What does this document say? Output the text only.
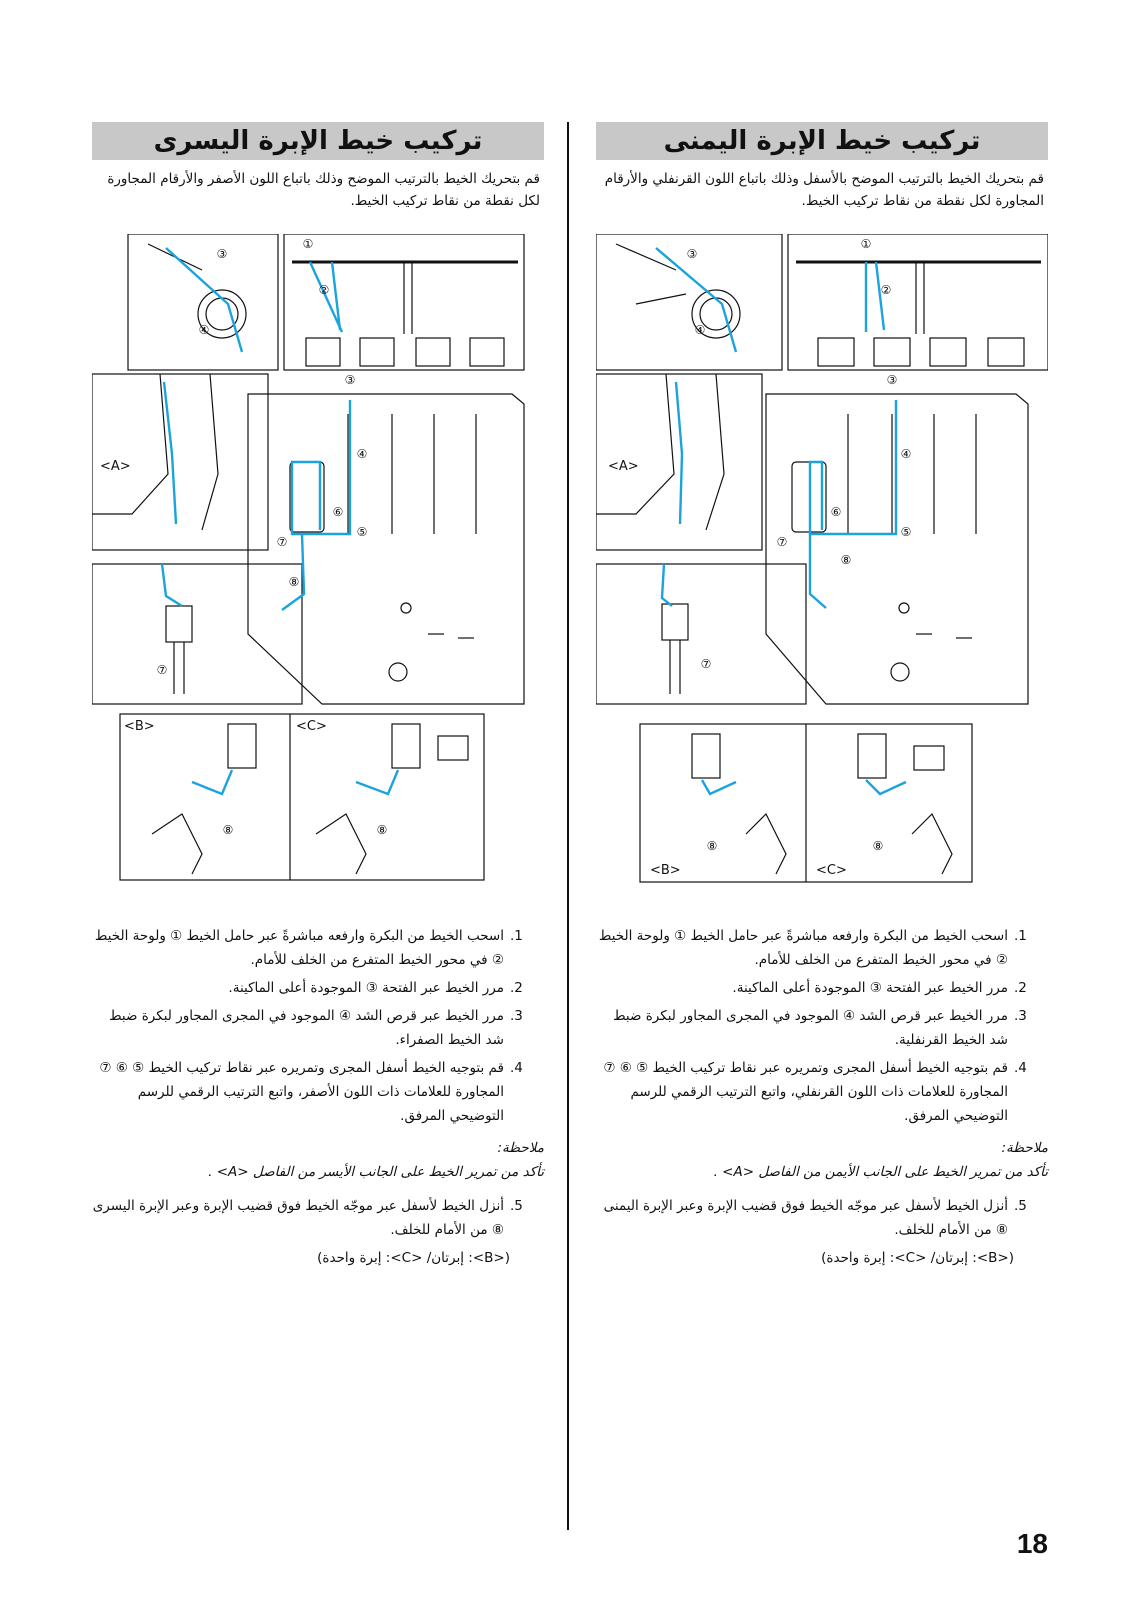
تركيب خيط الإبرة اليمنى
قم بتحريك الخيط بالترتيب الموضح بالأسفل وذلك باتباع اللون القرنفلي والأرقام المجاورة لكل نقطة من نقاط تركيب الخيط.
<A>
<B>	<C>
①
②
③
④
③
④
⑥
⑤
⑦
⑧
⑦
⑧	⑧
.1
اسحب الخيط من البكرة وارفعه مباشرةً عبر حامل الخيط ① ولوحة الخيط ② في محور الخيط المتفرع من الخلف للأمام.
.2
مرر الخيط عبر الفتحة ③ الموجودة أعلى الماكينة.
.3
مرر الخيط عبر قرص الشد ④ الموجود في المجرى المجاور لبكرة ضبط شد الخيط القرنفلية.
.4
قم بتوجيه الخيط أسفل المجرى وتمريره عبر نقاط تركيب الخيط ⑤ ⑥ ⑦ المجاورة للعلامات ذات اللون القرنفلي، واتبع الترتيب الرقمي للرسم التوضيحي المرفق.
ملاحظة:
تأكد من تمرير الخيط على الجانب الأيمن من الفاصل <A> .
.5
أنزل الخيط لأسفل عبر موجّه الخيط فوق قضيب الإبرة وعبر الإبرة اليمنى ⑧ من الأمام للخلف.
(<B>: إبرتان/ <C>: إبرة واحدة)
تركيب خيط الإبرة اليسرى
قم بتحريك الخيط بالترتيب الموضح وذلك باتباع اللون الأصفر والأرقام المجاورة لكل نقطة من نقاط تركيب الخيط.
<A>
<B>	<C>
①
②
③
④
③
④
⑥
⑤
⑦
⑧
⑦
⑧	⑧
.1
اسحب الخيط من البكرة وارفعه مباشرةً عبر حامل الخيط ① ولوحة الخيط ② في محور الخيط المتفرع من الخلف للأمام.
.2
مرر الخيط عبر الفتحة ③ الموجودة أعلى الماكينة.
.3
مرر الخيط عبر قرص الشد ④ الموجود في المجرى المجاور لبكرة ضبط شد الخيط الصفراء.
.4
قم بتوجيه الخيط أسفل المجرى وتمريره عبر نقاط تركيب الخيط ⑤ ⑥ ⑦ المجاورة للعلامات ذات اللون الأصفر، واتبع الترتيب الرقمي للرسم التوضيحي المرفق.
ملاحظة:
تأكد من تمرير الخيط على الجانب الأيسر من الفاصل <A> .
.5
أنزل الخيط لأسفل عبر موجّه الخيط فوق قضيب الإبرة وعبر الإبرة اليسرى ⑧ من الأمام للخلف.
(<B>: إبرتان/ <C>: إبرة واحدة)
18
